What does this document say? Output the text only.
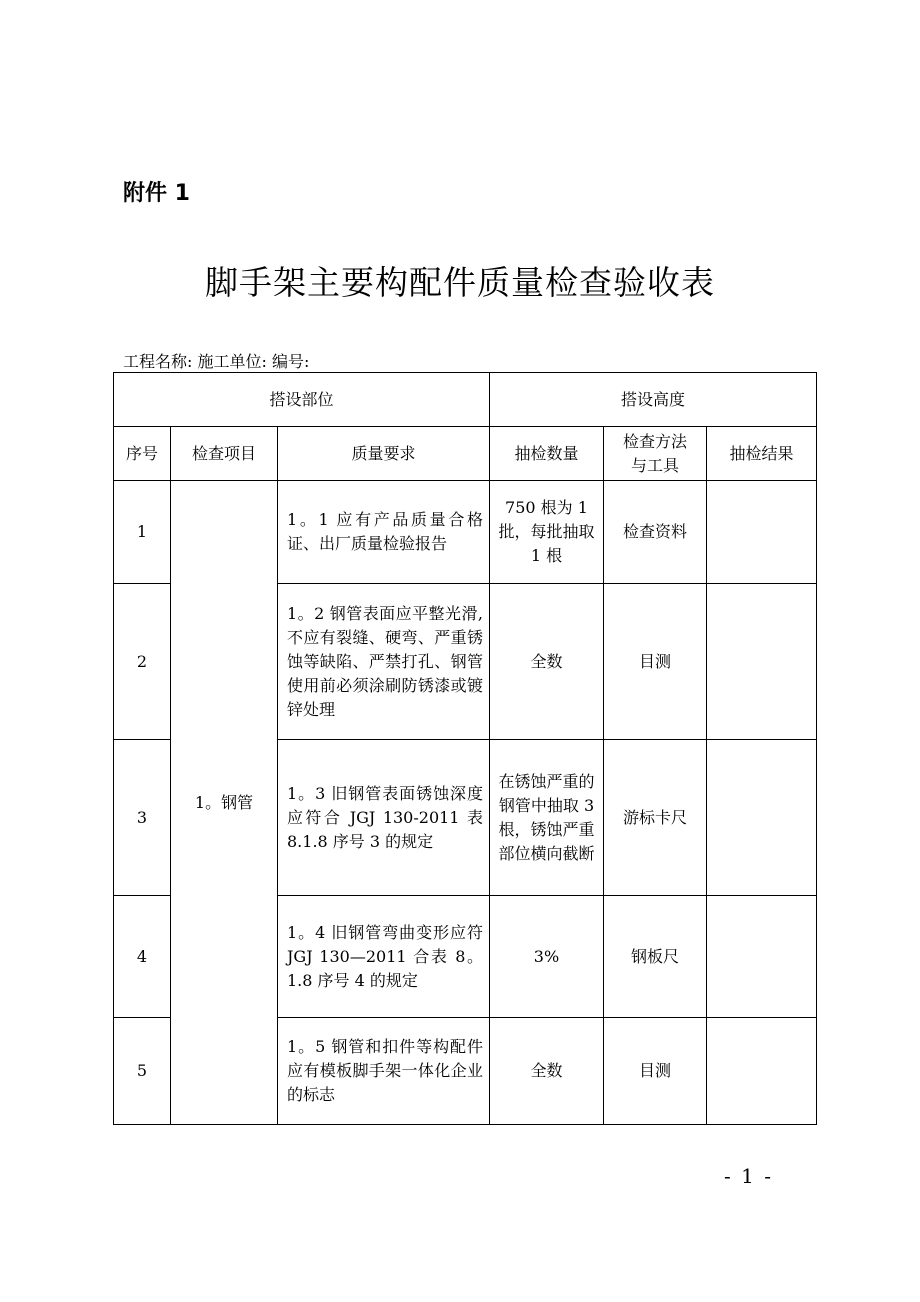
附件 1
脚手架主要构配件质量检查验收表
工程名称: 施工单位: 编号:
搭设部位			搭设高度		
序号	检查项目	质量要求	抽检数量	检查方法与工具	抽检结果
1	1。钢管	1。1 应有产品质量合格证、出厂质量检验报告	750 根为 1 批，每批抽取 1 根	检查资料	
2		1。2 钢管表面应平整光滑,不应有裂缝、硬弯、严重锈蚀等缺陷、严禁打孔、钢管使用前必须涂刷防锈漆或镀锌处理	全数	目测	
3		1。3 旧钢管表面锈蚀深度应符合 JGJ 130-2011 表 8.1.8 序号 3 的规定	在锈蚀严重的钢管中抽取 3 根，锈蚀严重部位横向截断	游标卡尺	
4		1。4 旧钢管弯曲变形应符 JGJ 130—2011 合表 8。1.8 序号 4 的规定	3%	钢板尺	
5		1。5 钢管和扣件等构配件应有模板脚手架一体化企业的标志	全数	目测	
- 1 -
